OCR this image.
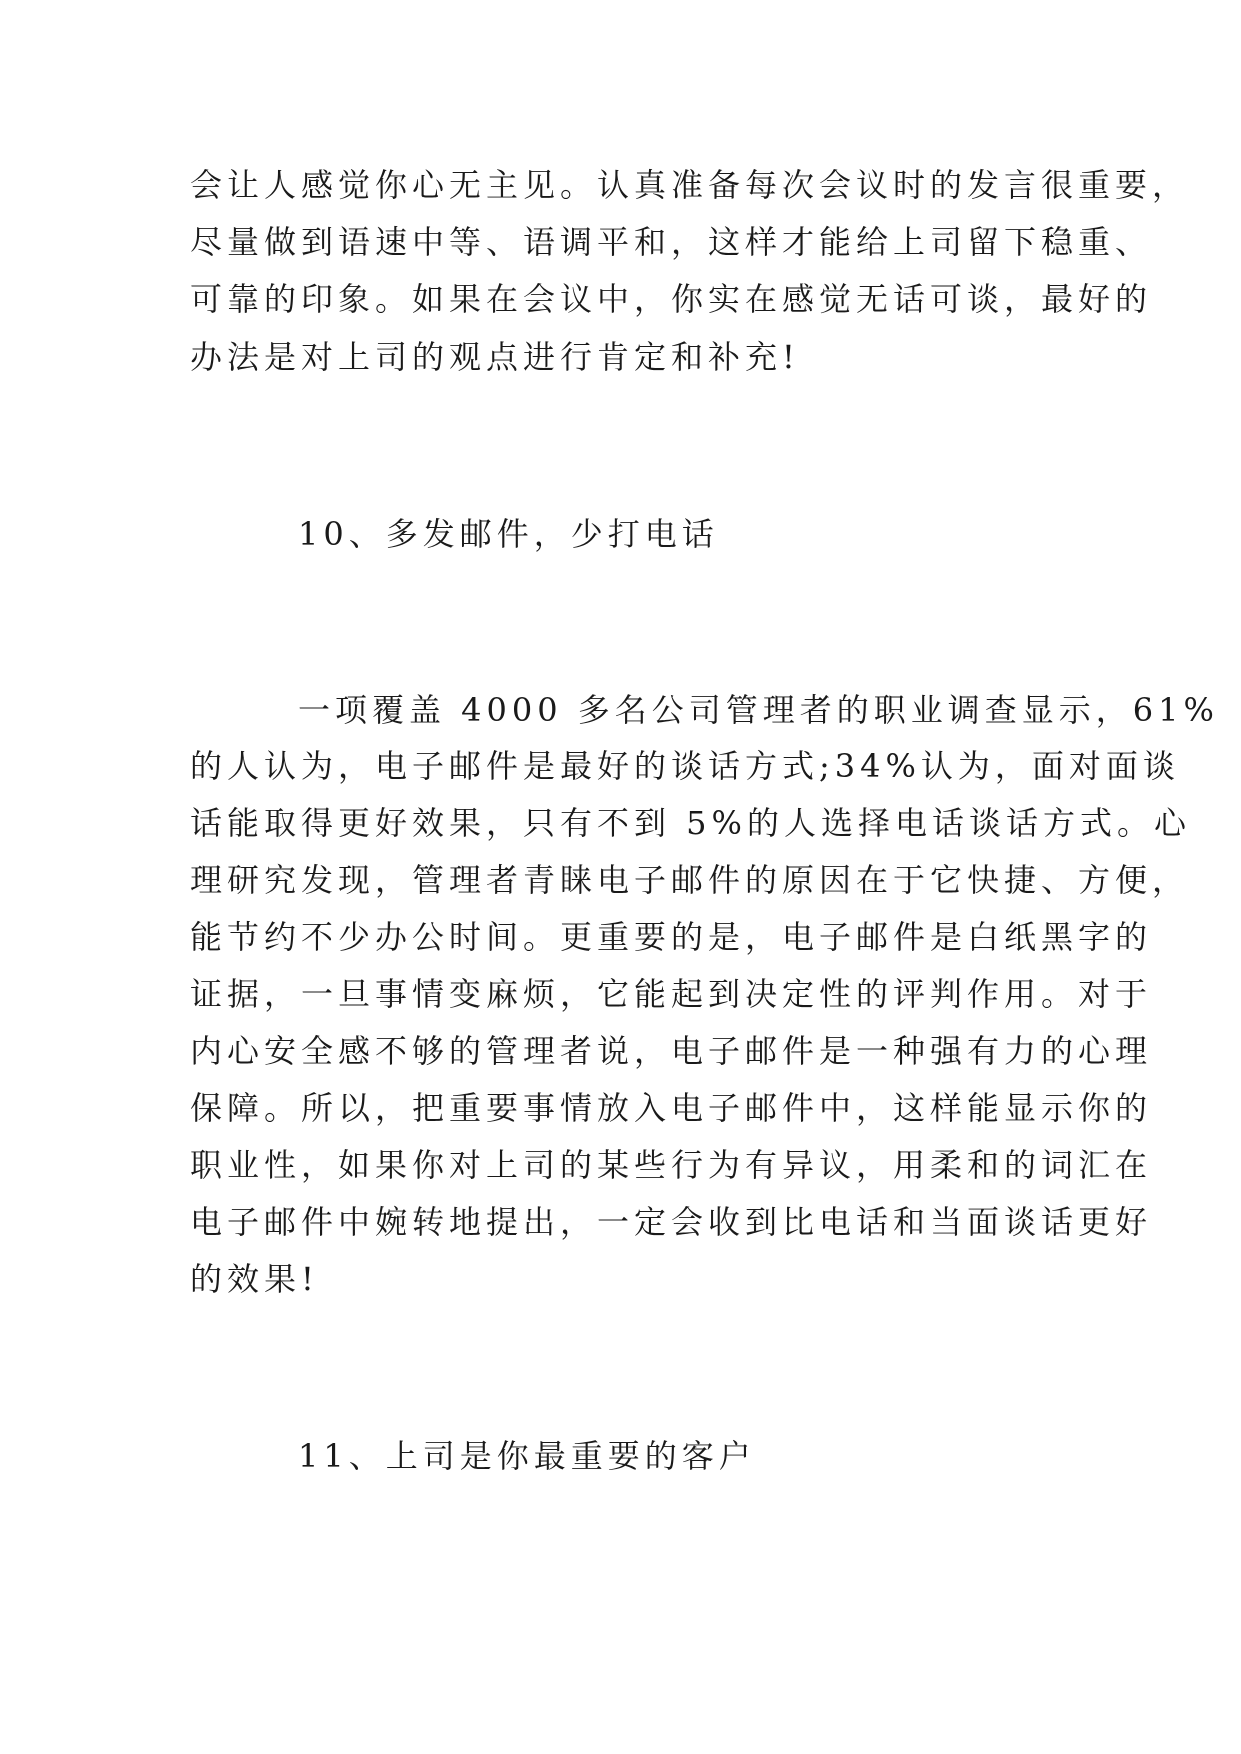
会让人感觉你心无主见。认真准备每次会议时的发言很重要，
尽量做到语速中等、语调平和，这样才能给上司留下稳重、
可靠的印象。如果在会议中，你实在感觉无话可谈，最好的
办法是对上司的观点进行肯定和补充!
10、多发邮件，少打电话
一项覆盖 4000 多名公司管理者的职业调查显示，61%
的人认为，电子邮件是最好的谈话方式;34%认为，面对面谈
话能取得更好效果，只有不到 5%的人选择电话谈话方式。心
理研究发现，管理者青睐电子邮件的原因在于它快捷、方便，
能节约不少办公时间。更重要的是，电子邮件是白纸黑字的
证据，一旦事情变麻烦，它能起到决定性的评判作用。对于
内心安全感不够的管理者说，电子邮件是一种强有力的心理
保障。所以，把重要事情放入电子邮件中，这样能显示你的
职业性，如果你对上司的某些行为有异议，用柔和的词汇在
电子邮件中婉转地提出，一定会收到比电话和当面谈话更好
的效果!
11、上司是你最重要的客户
